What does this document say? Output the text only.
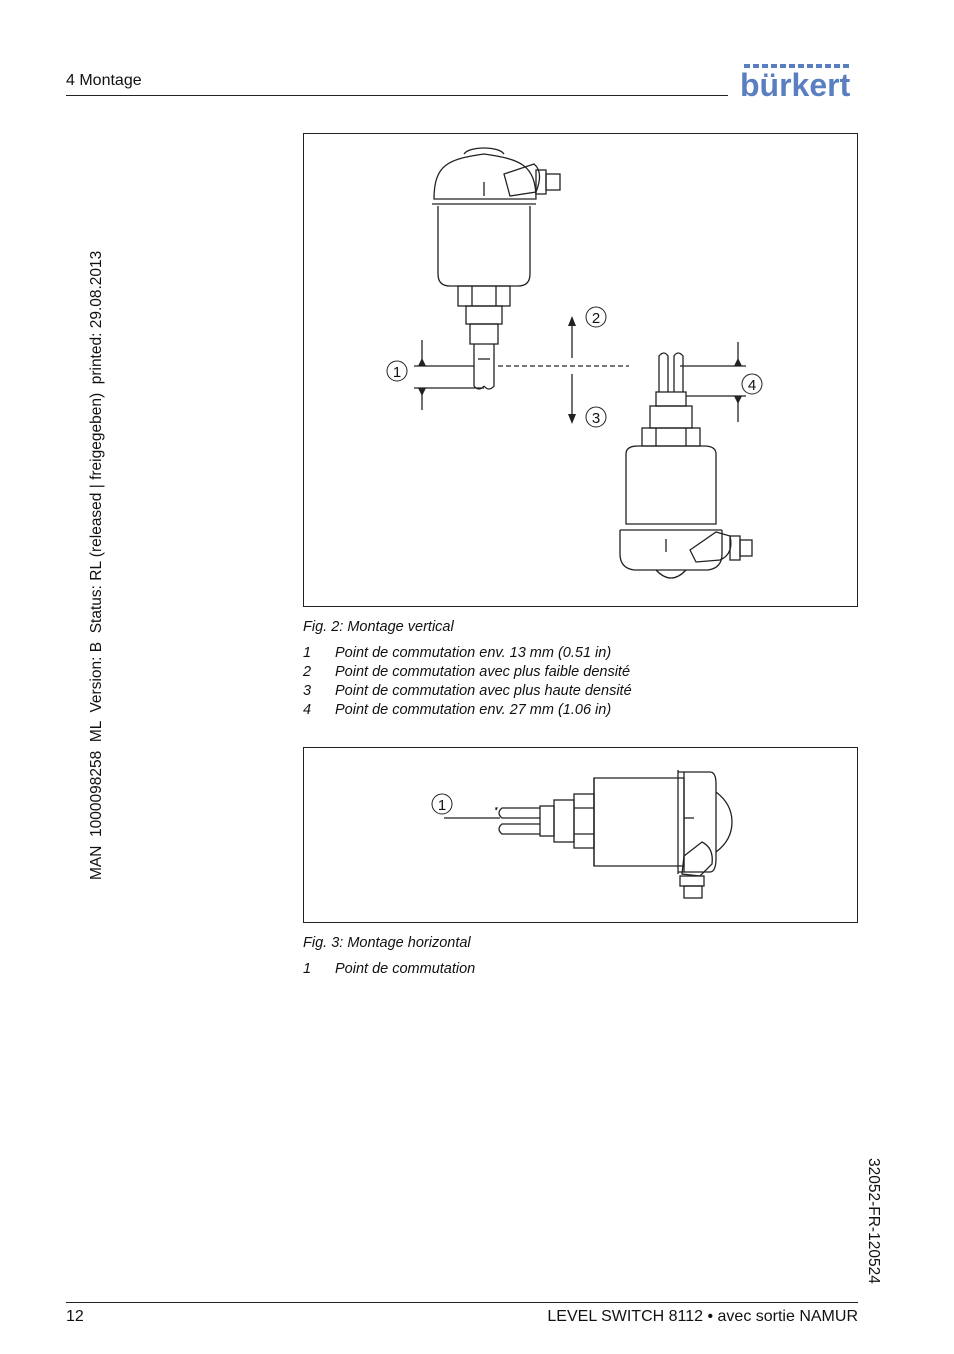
4 Montage	bürkert
MAN  1000098258  ML  Version: B  Status: RL (released | freigegeben)  printed: 29.08.2013
32052-FR-120524
1
2
3
4
Fig. 2: Montage vertical
1	Point de commutation env. 13 mm (0.51 in)
2	Point de commutation avec plus faible densité
3	Point de commutation avec plus haute densité
4	Point de commutation env. 27 mm (1.06 in)
1
Fig. 3: Montage horizontal
1	Point de commutation
12	LEVEL SWITCH 8112 • avec sortie NAMUR
